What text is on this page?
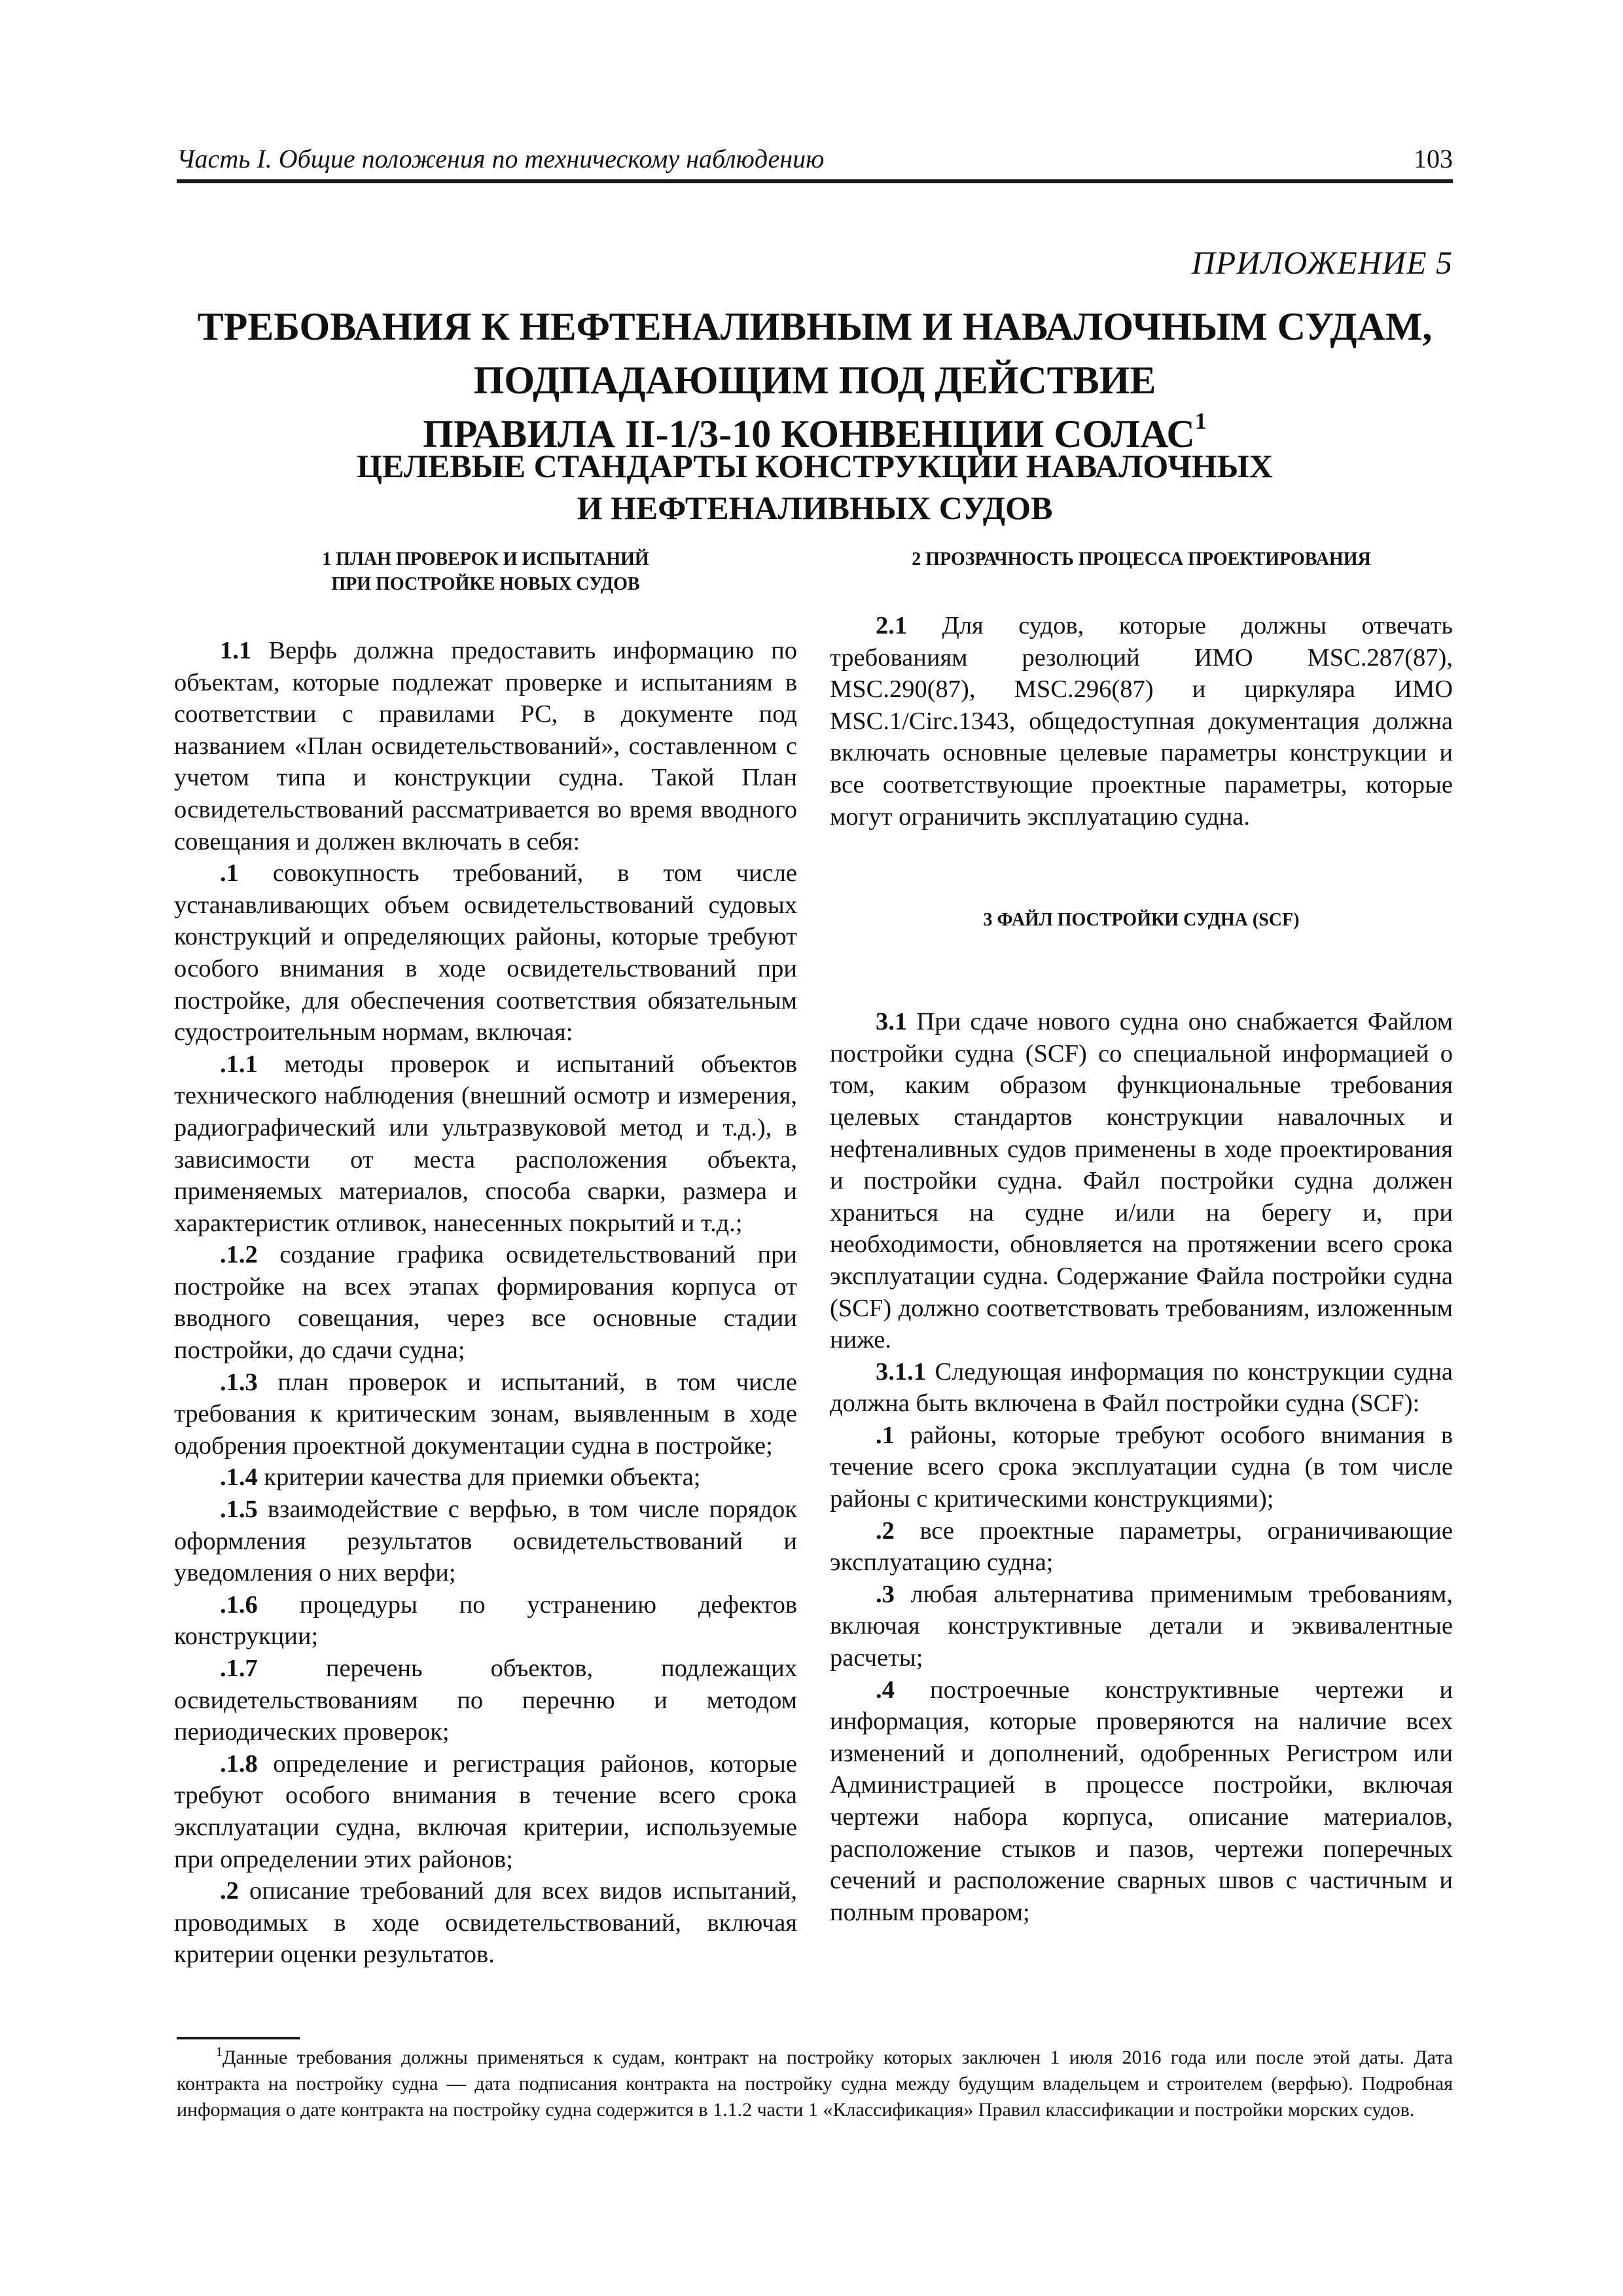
Часть I. Общие положения по техническому наблюдению	103
ПРИЛОЖЕНИЕ 5
ТРЕБОВАНИЯ К НЕФТЕНАЛИВНЫМ И НАВАЛОЧНЫМ СУДАМ,
ПОДПАДАЮЩИМ ПОД ДЕЙСТВИЕ
ПРАВИЛА II-1/3-10 КОНВЕНЦИИ СОЛАС$^1$
ЦЕЛЕВЫЕ СТАНДАРТЫ КОНСТРУКЦИИ НАВАЛОЧНЫХ
И НЕФТЕНАЛИВНЫХ СУДОВ
1 ПЛАН ПРОВЕРОК И ИСПЫТАНИЙ
ПРИ ПОСТРОЙКЕ НОВЫХ СУДОВ

1.1 Верфь должна предоставить информацию по объектам, которые подлежат проверке и испытаниям в соответствии с правилами РС, в документе под названием «План освидетельствований», составленном с учетом типа и конструкции судна. Такой План освидетельствований рассматривается во время вводного совещания и должен включать в себя:

.1 совокупность требований, в том числе устанавливающих объем освидетельствований судовых конструкций и определяющих районы, которые требуют особого внимания в ходе освидетельствований при постройке, для обеспечения соответствия обязательным судостроительным нормам, включая:

.1.1 методы проверок и испытаний объектов технического наблюдения (внешний осмотр и измерения, радиографический или ультразвуковой метод и т.д.), в зависимости от места расположения объекта, применяемых материалов, способа сварки, размера и характеристик отливок, нанесенных покрытий и т.д.;

.1.2 создание графика освидетельствований при постройке на всех этапах формирования корпуса от вводного совещания, через все основные стадии постройки, до сдачи судна;

.1.3 план проверок и испытаний, в том числе требования к критическим зонам, выявленным в ходе одобрения проектной документации судна в постройке;

.1.4 критерии качества для приемки объекта;

.1.5 взаимодействие с верфью, в том числе порядок оформления результатов освидетельствований и уведомления о них верфи;

.1.6 процедуры по устранению дефектов конструкции;

.1.7 перечень объектов, подлежащих освидетельствованиям по перечню и методом периодических проверок;

.1.8 определение и регистрация районов, которые требуют особого внимания в течение всего срока эксплуатации судна, включая критерии, используемые при определении этих районов;

.2 описание требований для всех видов испытаний, проводимых в ходе освидетельствований, включая критерии оценки результатов.

2 ПРОЗРАЧНОСТЬ ПРОЦЕССА ПРОЕКТИРОВАНИЯ

2.1 Для судов, которые должны отвечать требованиям резолюций ИМО MSC.287(87), MSC.290(87), MSC.296(87) и циркуляра ИМО MSC.1/Circ.1343, общедоступная документация должна включать основные целевые параметры конструкции и все соответствующие проектные параметры, которые могут ограничить эксплуатацию судна.

3 ФАЙЛ ПОСТРОЙКИ СУДНА (SCF)

3.1 При сдаче нового судна оно снабжается Файлом постройки судна (SCF) со специальной информацией о том, каким образом функциональные требования целевых стандартов конструкции навалочных и нефтеналивных судов применены в ходе проектирования и постройки судна. Файл постройки судна должен храниться на судне и/или на берегу и, при необходимости, обновляется на протяжении всего срока эксплуатации судна. Содержание Файла постройки судна (SCF) должно соответствовать требованиям, изложенным ниже.

3.1.1 Следующая информация по конструкции судна должна быть включена в Файл постройки судна (SCF):

.1 районы, которые требуют особого внимания в течение всего срока эксплуатации судна (в том числе районы с критическими конструкциями);

.2 все проектные параметры, ограничивающие эксплуатацию судна;

.3 любая альтернатива применимым требованиям, включая конструктивные детали и эквивалентные расчеты;

.4 построечные конструктивные чертежи и информация, которые проверяются на наличие всех изменений и дополнений, одобренных Регистром или Администрацией в процессе постройки, включая чертежи набора корпуса, описание материалов, расположение стыков и пазов, чертежи поперечных сечений и расположение сварных швов с частичным и полным проваром;

$^1$Данные требования должны применяться к судам, контракт на постройку которых заключен 1 июля 2016 года или после этой даты. Дата контракта на постройку судна — дата подписания контракта на постройку судна между будущим владельцем и строителем (верфью). Подробная информация о дате контракта на постройку судна содержится в 1.1.2 части 1 «Классификация» Правил классификации и постройки морских судов.
